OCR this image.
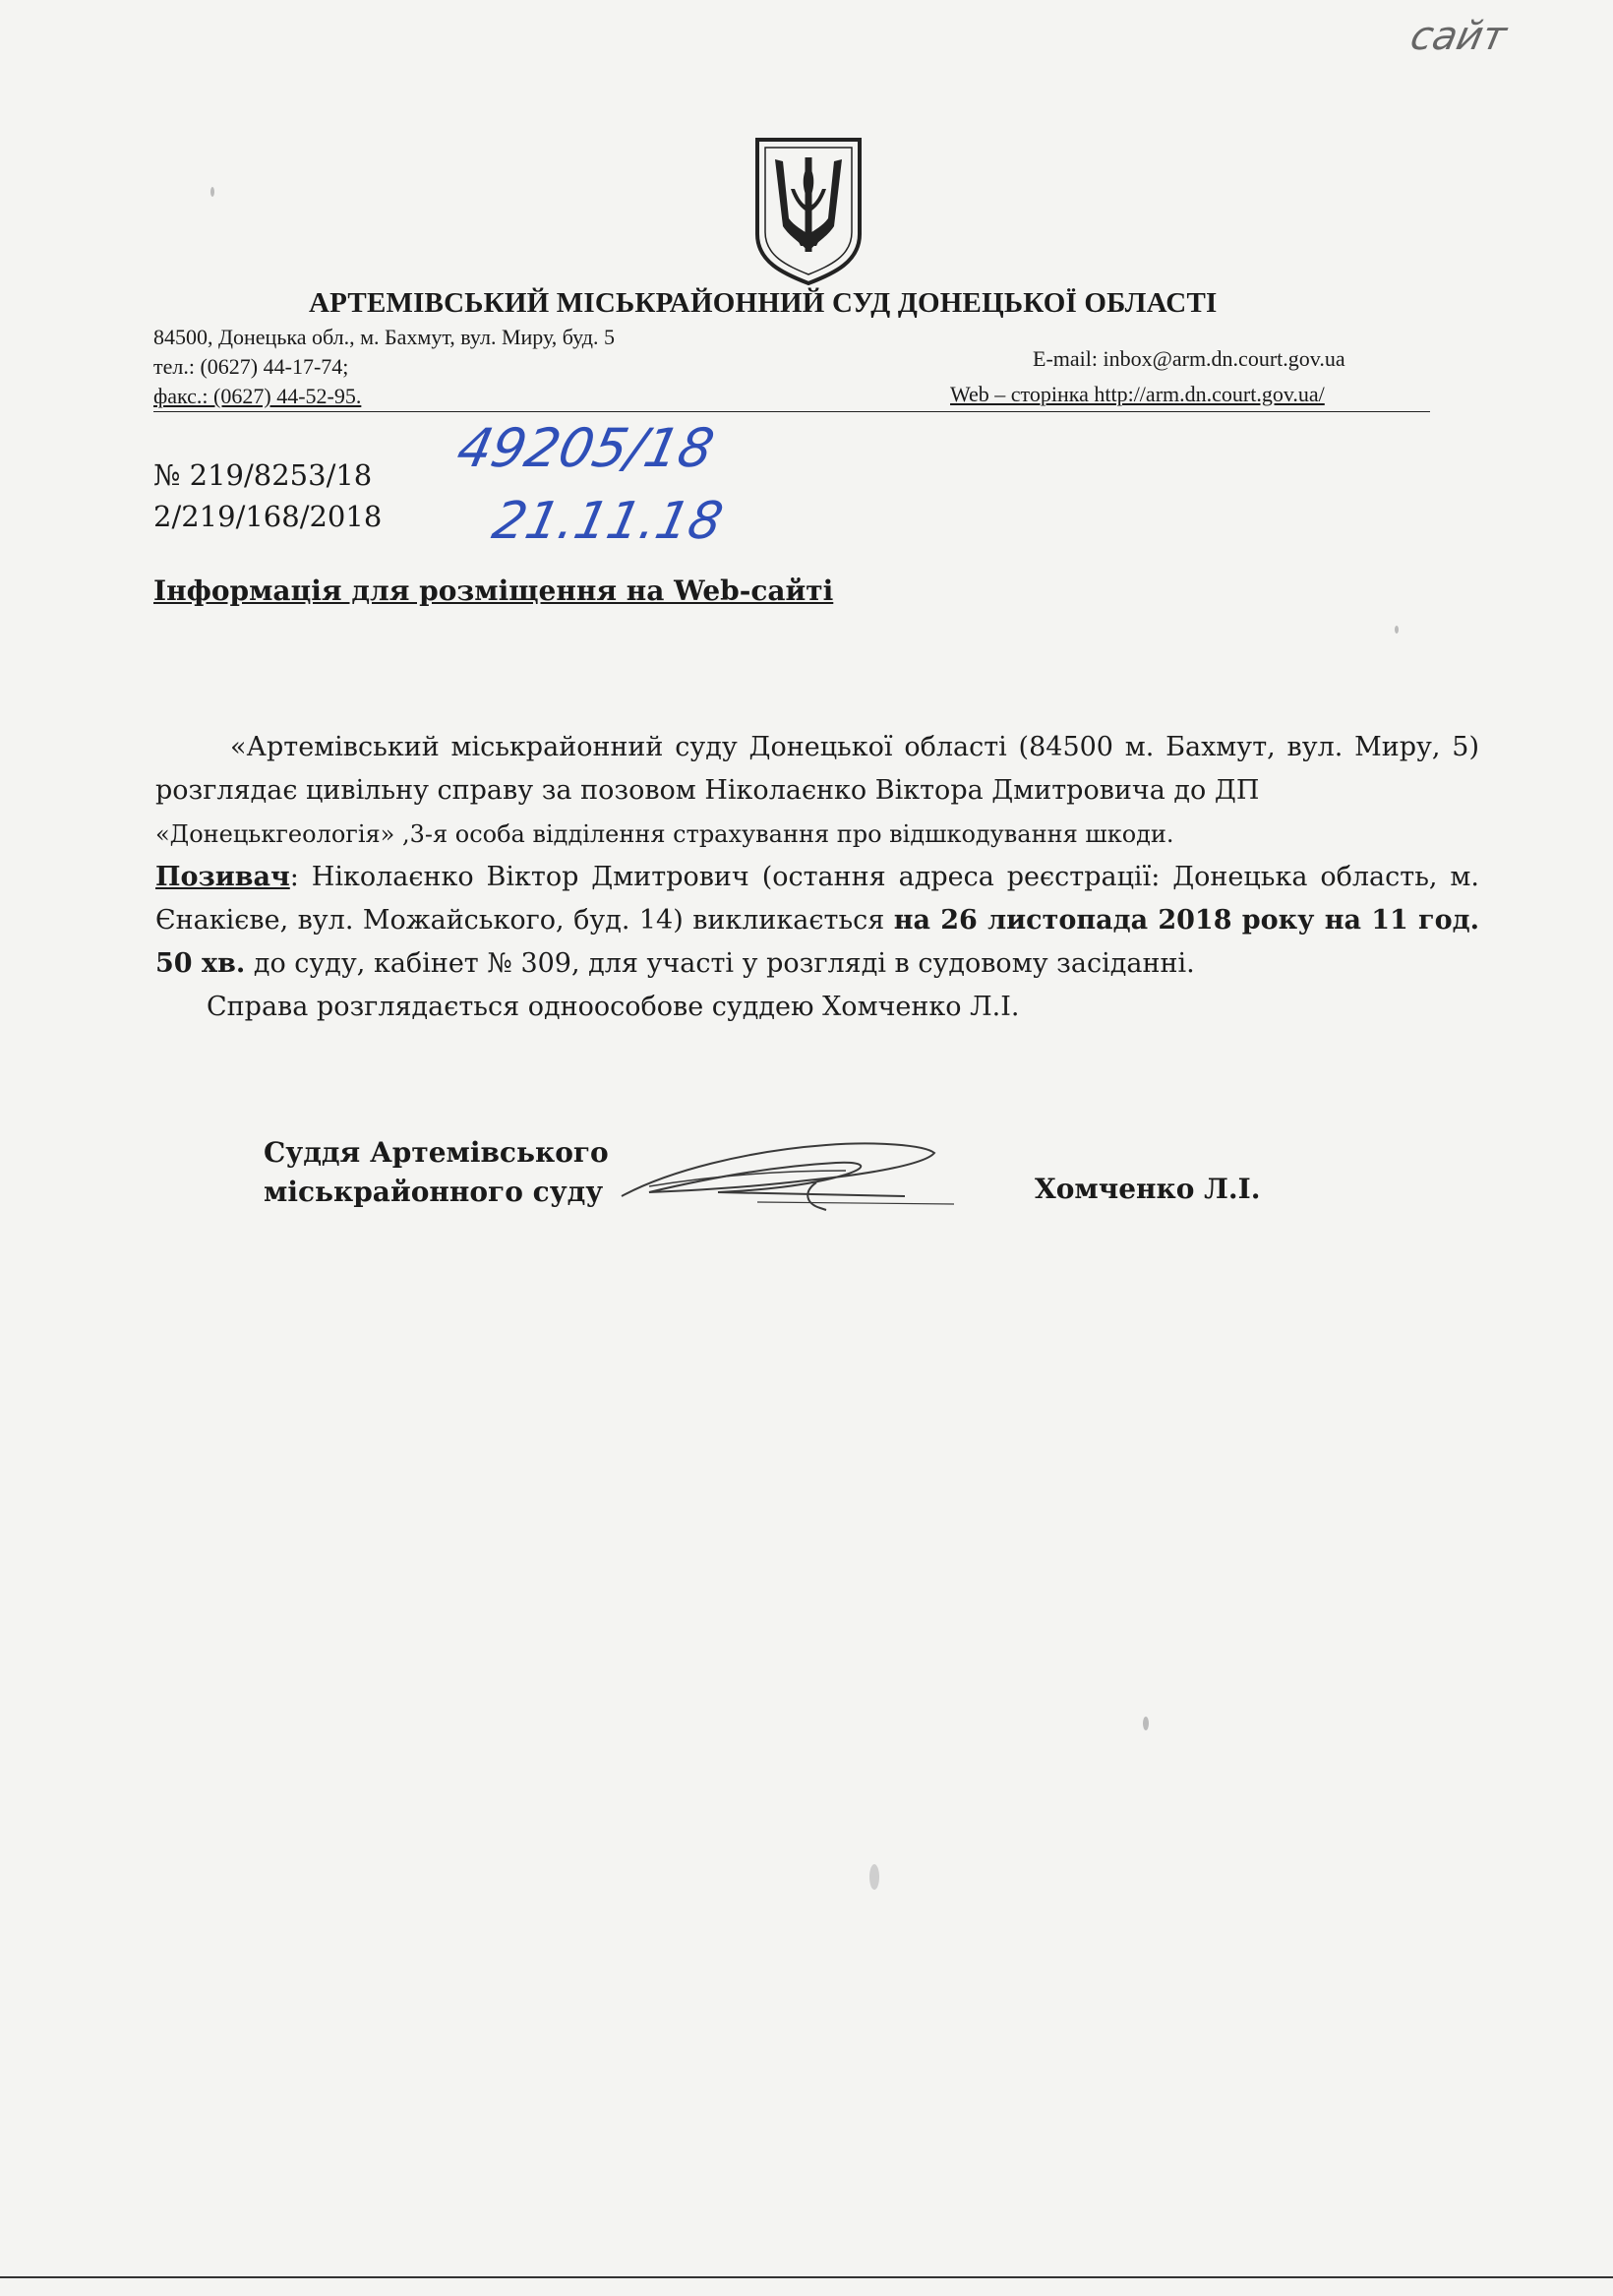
сайт
АРТЕМІВСЬКИЙ МІСЬКРАЙОННИЙ СУД ДОНЕЦЬКОЇ ОБЛАСТІ
84500, Донецька обл., м. Бахмут, вул. Миру, буд. 5
тел.: (0627) 44-17-74;
факс.: (0627) 44-52-95.
E-mail: inbox@arm.dn.court.gov.ua
Web – сторінка http://arm.dn.court.gov.ua/
№ 219/8253/18
2/219/168/2018
49205/18
21.11.18
Інформація для розміщення на Web-сайті

«Артемівський міськрайонний суду Донецької області (84500 м. Бахмут, вул. Миру, 5) розглядає цивільну справу за позовом Ніколаєнко Віктора Дмитровича до ДП
«Донецькгеологія» ,3-я особа відділення страхування про відшкодування шкоди.

Позивач: Ніколаєнко Віктор Дмитрович (остання адреса реєстрації: Донецька область, м. Єнакієве, вул. Можайського, буд. 14) викликається на 26 листопада 2018 року на 11 год. 50 хв. до суду, кабінет № 309, для участі у розгляді в судовому засіданні.

Справа розглядається одноособове суддею Хомченко Л.І.

Суддя Артемівського
міськрайонного суду	Хомченко Л.І.
